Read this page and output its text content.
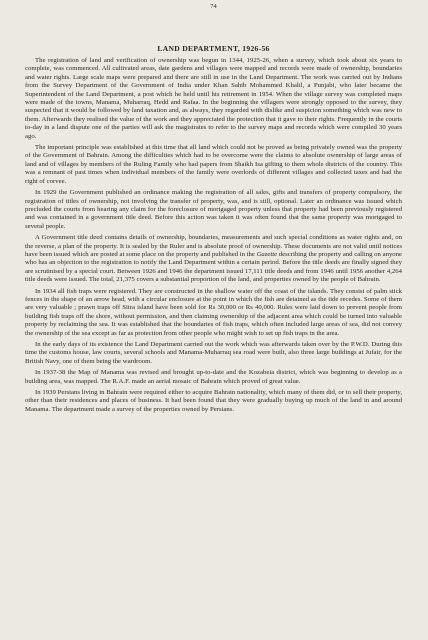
74
LAND DEPARTMENT, 1926-56

The registration of land and verification of ownership was begun in 1344, 1925-26, when a survey, which took about six years to complete, was commenced. All cultivated areas, date gardens and villages were mapped and records were made of ownership, boundaries and water rights. Large scale maps were prepared and there are still in use in the Land Department. The work was carried out by Indians from the Survey Department of the Government of India under Khan Sahib Mohammed Khalil, a Punjabi, who later became the Superintendent of the Land Department, a post which he held until his retirement in 1954. When the village survey was completed maps were made of the towns, Manama, Muharraq, Hedd and Rafaa. In the beginning the villagers were strongly opposed to the survey, they suspected that it would be followed by land taxation and, as always, they regarded with dislike and suspicion something which was new to them. Afterwards they realised the value of the work and they appreciated the protection that it gave to their rights. Frequently in the courts to-day in a land dispute one of the parties will ask the magistrates to refer to the survey maps and records which were compiled 30 years ago.

The important principle was established at this time that all land which could not be proved as being privately owned was the property of the Government of Bahrain. Among the difficulties which had to be overcome were the claims to absolute ownership of large areas of land and of villages by members of the Ruling Family who had papers from Shaikh Isa gifting to them whole districts of the country. This was a remnant of past times when individual members of the family were overlords of different villages and collected taxes and had the right of corvee.

In 1929 the Government published an ordinance making the registration of all sales, gifts and transfers of property compulsory, the registration of titles of ownership, not involving the transfer of property, was, and is still, optional. Later an ordinance was issued which precluded the courts from hearing any claim for the foreclosure of mortgaged property unless that property had been previously registered and was contained in a government title deed. Before this action was taken it was often found that the same property was mortgaged to several people.

A Government title deed contains details of ownership, boundaries, measurements and such special conditions as water rights and, on the reverse, a plan of the property. It is sealed by the Ruler and is absolute proof of ownership. These documents are not valid until notices have been issued which are posted at some place on the property and published in the Gazette describing the property and calling on anyone who has an objection to the registration to notify the Land Department within a certain period. Before the title deeds are finally signed they are scrutinised by a special court. Between 1926 and 1946 the department issued 17,111 title deeds and from 1946 until 1956 another 4,264 title deeds were issued. The total, 21,375 covers a substantial proportion of the land, and properties owned by the people of Bahrain.

In 1934 all fish traps were registered. They are constructed in the shallow water off the coast of the islands. They consist of palm stick fences in the shape of an arrow head, with a circular enclosure at the point in which the fish are detained as the tide recedes. Some of them are very valuable ; prawn traps off Sitra island have been sold for Rs 30,000 or Rs 40,000. Rules were laid down to prevent people from building fish traps off the shore, without permission, and then claiming ownership of the adjacent area which could be turned into valuable property by reclaiming the sea. It was established that the boundaries of fish traps, which often included large areas of sea, did not convey the ownership of the sea except as far as protection from other people who might wish to set up fish traps in the area.

In the early days of its existence the Land Department carried out the work which was afterwards taken over by the P.W.D. During this time the customs house, law courts, several schools and Manama-Muharraq sea road were built, also three large buildings at Jufair, for the British Navy, one of them being the wardroom.

In 1937-38 the Map of Manama was revised and brought up-to-date and the Kozabeia district, which was beginning to develop as a building area, was mapped. The R.A.F. made an aerial mosaic of Bahrain which proved of great value.

In 1939 Persians living in Bahrain were required either to acquire Bahrain nationality, which many of them did, or to sell their property, other than their residences and places of business. It had been found that they were gradually buying up much of the land in and around Manama. The department made a survey of the properties owned by Persians.
